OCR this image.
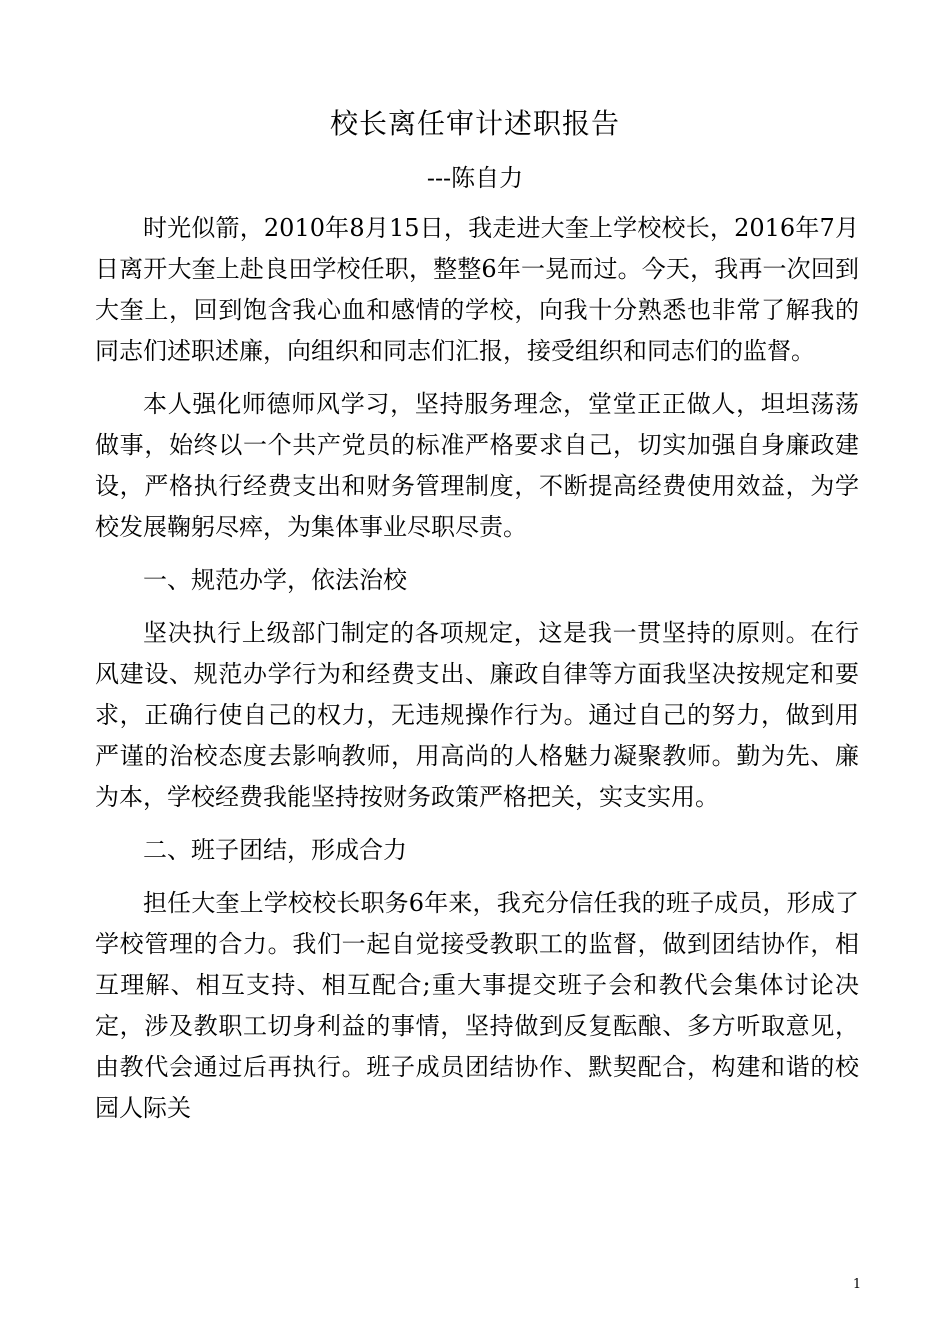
校长离任审计述职报告
---陈自力

时光似箭，2010年8月15日，我走进大奎上学校校长，2016年7月日离开大奎上赴良田学校任职，整整6年一晃而过。今天，我再一次回到大奎上，回到饱含我心血和感情的学校，向我十分熟悉也非常了解我的同志们述职述廉，向组织和同志们汇报，接受组织和同志们的监督。

本人强化师德师风学习，坚持服务理念，堂堂正正做人，坦坦荡荡做事，始终以一个共产党员的标准严格要求自己，切实加强自身廉政建设，严格执行经费支出和财务管理制度，不断提高经费使用效益，为学校发展鞠躬尽瘁，为集体事业尽职尽责。

一、规范办学，依法治校

坚决执行上级部门制定的各项规定，这是我一贯坚持的原则。在行风建设、规范办学行为和经费支出、廉政自律等方面我坚决按规定和要求，正确行使自己的权力，无违规操作行为。通过自己的努力，做到用严谨的治校态度去影响教师，用高尚的人格魅力凝聚教师。勤为先、廉为本，学校经费我能坚持按财务政策严格把关，实支实用。

二、班子团结，形成合力

担任大奎上学校校长职务6年来，我充分信任我的班子成员，形成了学校管理的合力。我们一起自觉接受教职工的监督，做到团结协作，相互理解、相互支持、相互配合;重大事提交班子会和教代会集体讨论决定，涉及教职工切身利益的事情，坚持做到反复酝酿、多方听取意见，由教代会通过后再执行。班子成员团结协作、默契配合，构建和谐的校园人际关

1
